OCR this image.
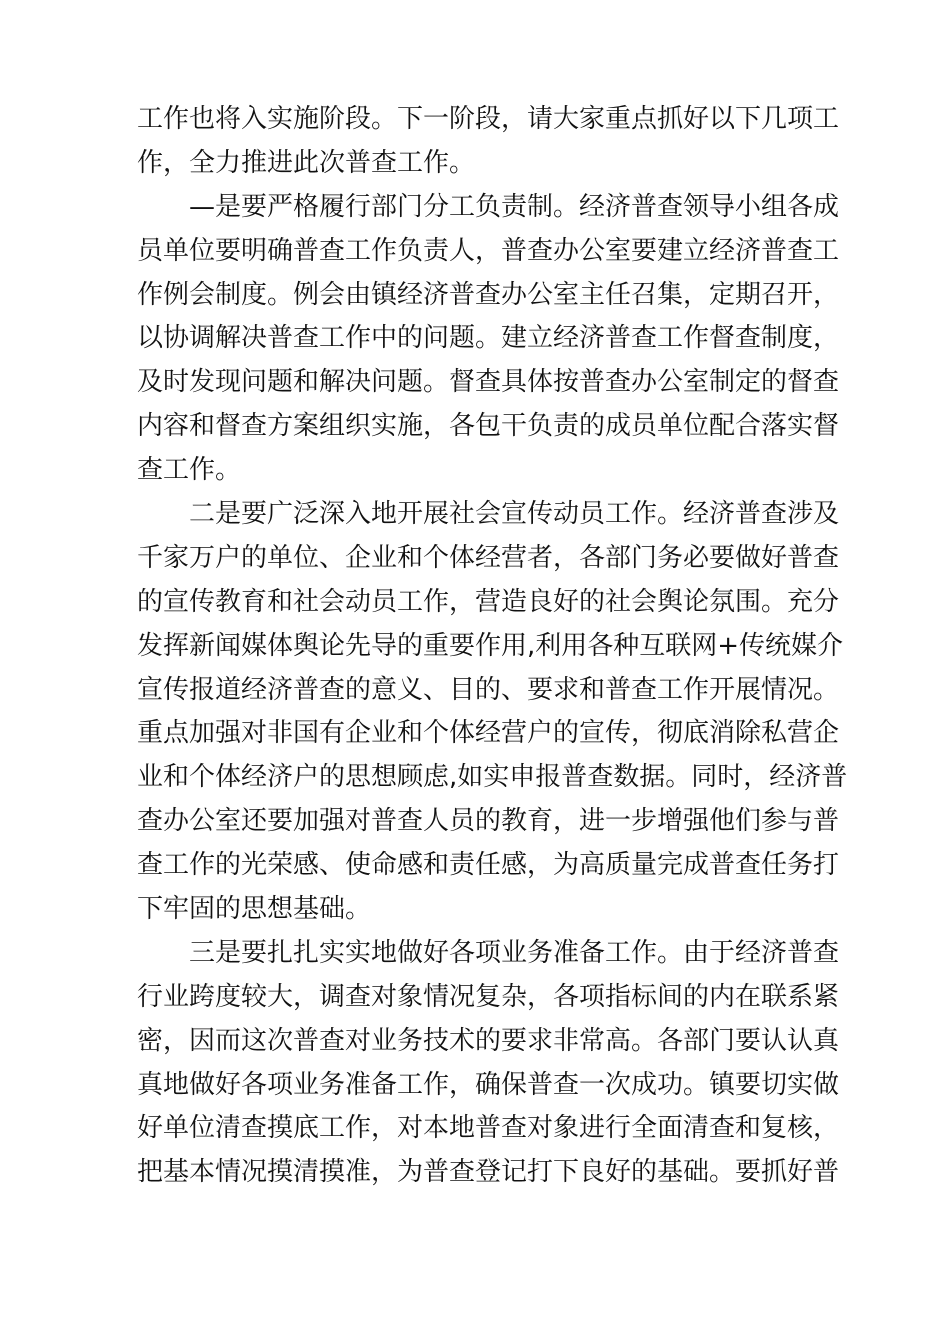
工作也将入实施阶段。下一阶段，请大家重点抓好以下几项工
作，全力推进此次普查工作。
—是要严格履行部门分工负责制。经济普查领导小组各成
员单位要明确普查工作负责人，普查办公室要建立经济普查工
作例会制度。例会由镇经济普查办公室主任召集，定期召开，
以协调解决普查工作中的问题。建立经济普查工作督查制度，
及时发现问题和解决问题。督查具体按普查办公室制定的督查
内容和督查方案组织实施，各包干负责的成员单位配合落实督
查工作。
二是要广泛深入地开展社会宣传动员工作。经济普查涉及
千家万户的单位、企业和个体经营者，各部门务必要做好普查
的宣传教育和社会动员工作，营造良好的社会舆论氛围。充分
发挥新闻媒体舆论先导的重要作用,利用各种互联网+传统媒介
宣传报道经济普查的意义、目的、要求和普查工作开展情况。
重点加强对非国有企业和个体经营户的宣传，彻底消除私营企
业和个体经济户的思想顾虑,如实申报普查数据。同时，经济普
查办公室还要加强对普查人员的教育，进一步增强他们参与普
查工作的光荣感、使命感和责任感，为高质量完成普查任务打
下牢固的思想基础。
三是要扎扎实实地做好各项业务准备工作。由于经济普查
行业跨度较大，调查对象情况复杂，各项指标间的内在联系紧
密，因而这次普查对业务技术的要求非常高。各部门要认认真
真地做好各项业务准备工作，确保普查一次成功。镇要切实做
好单位清查摸底工作，对本地普查对象进行全面清查和复核，
把基本情况摸清摸准，为普查登记打下良好的基础。要抓好普
